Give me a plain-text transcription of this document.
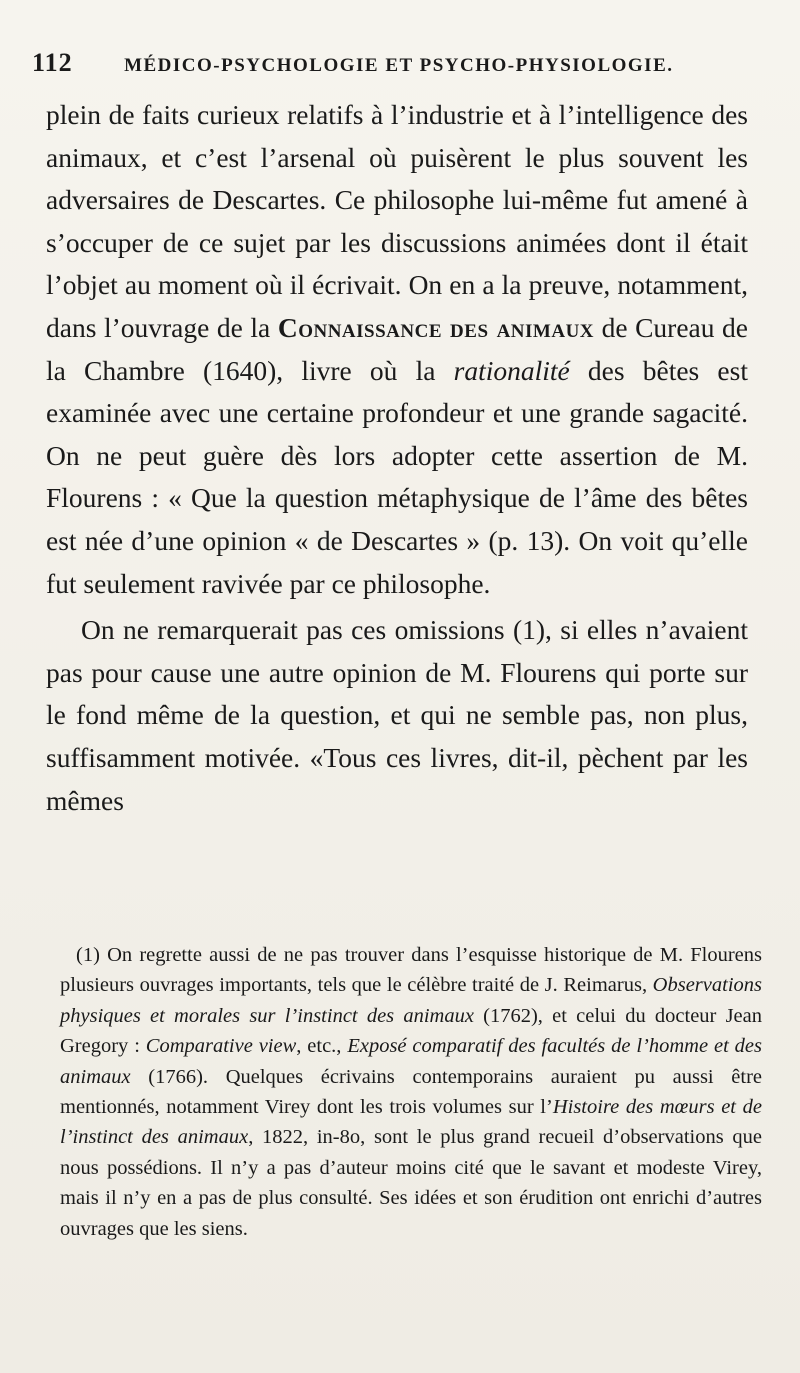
112	MÉDICO-PSYCHOLOGIE ET PSYCHO-PHYSIOLOGIE.

plein de faits curieux relatifs à l’industrie et à l’intelligence des animaux, et c’est l’arsenal où puisèrent le plus souvent les adversaires de Descartes. Ce philosophe lui-même fut amené à s’occuper de ce sujet par les discussions animées dont il était l’objet au moment où il écrivait. On en a la preuve, notamment, dans l’ouvrage de la Connaissance des animaux de Cureau de la Chambre (1640), livre où la rationalité des bêtes est examinée avec une certaine profondeur et une grande sagacité. On ne peut guère dès lors adopter cette assertion de M. Flourens : « Que la question métaphysique de l’âme des bêtes est née d’une opinion « de Descartes » (p. 13). On voit qu’elle fut seulement ravivée par ce philosophe.

On ne remarquerait pas ces omissions (1), si elles n’avaient pas pour cause une autre opinion de M. Flourens qui porte sur le fond même de la question, et qui ne semble pas, non plus, suffisamment motivée. «Tous ces livres, dit-il, pèchent par les mêmes

(1) On regrette aussi de ne pas trouver dans l’esquisse historique de M. Flourens plusieurs ouvrages importants, tels que le célèbre traité de J. Reimarus, Observations physiques et morales sur l’instinct des animaux (1762), et celui du docteur Jean Gregory : Comparative view, etc., Exposé comparatif des facultés de l’homme et des animaux (1766). Quelques écrivains contemporains auraient pu aussi être mentionnés, notamment Virey dont les trois volumes sur l’Histoire des mœurs et de l’instinct des animaux, 1822, in-8o, sont le plus grand recueil d’observations que nous possédions. Il n’y a pas d’auteur moins cité que le savant et modeste Virey, mais il n’y en a pas de plus consulté. Ses idées et son érudition ont enrichi d’autres ouvrages que les siens.
